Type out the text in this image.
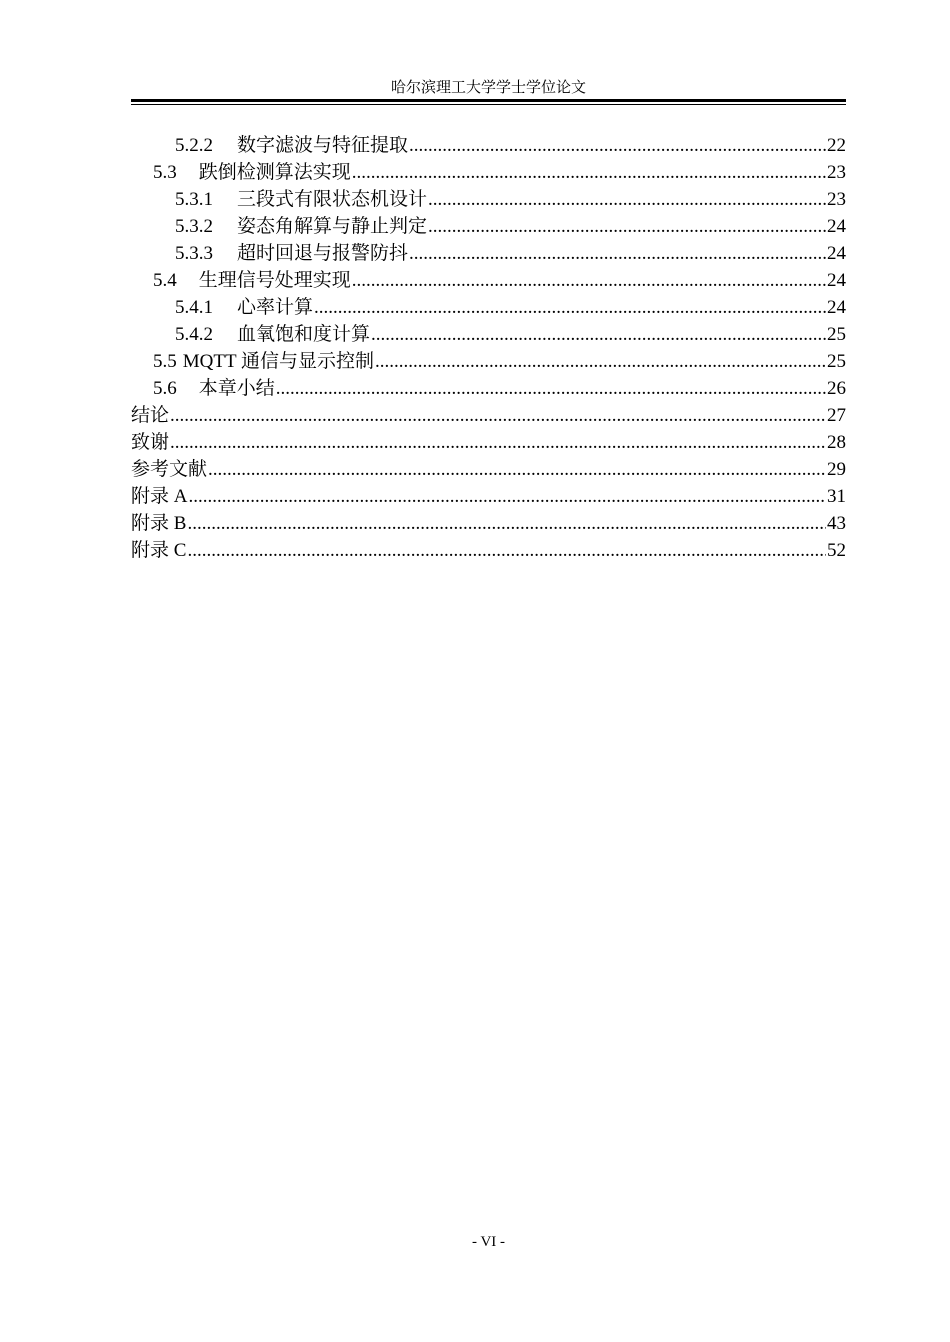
哈尔滨理工大学学士学位论文
5.2.2 数字滤波与特征提取 .....	22
5.3 跌倒检测算法实现 .....	23
5.3.1 三段式有限状态机设计 .....	23
5.3.2 姿态角解算与静止判定 .....	24
5.3.3 超时回退与报警防抖 .....	24
5.4 生理信号处理实现 .....	24
5.4.1 心率计算 .....	24
5.4.2 血氧饱和度计算 .....	25
5.5 MQTT 通信与显示控制 .....	25
5.6 本章小结 .....	26
结论 .....	27
致谢 .....	28
参考文献 .....	29
附录 A .....	31
附录 B .....	43
附录 C .....	52
- VI -
